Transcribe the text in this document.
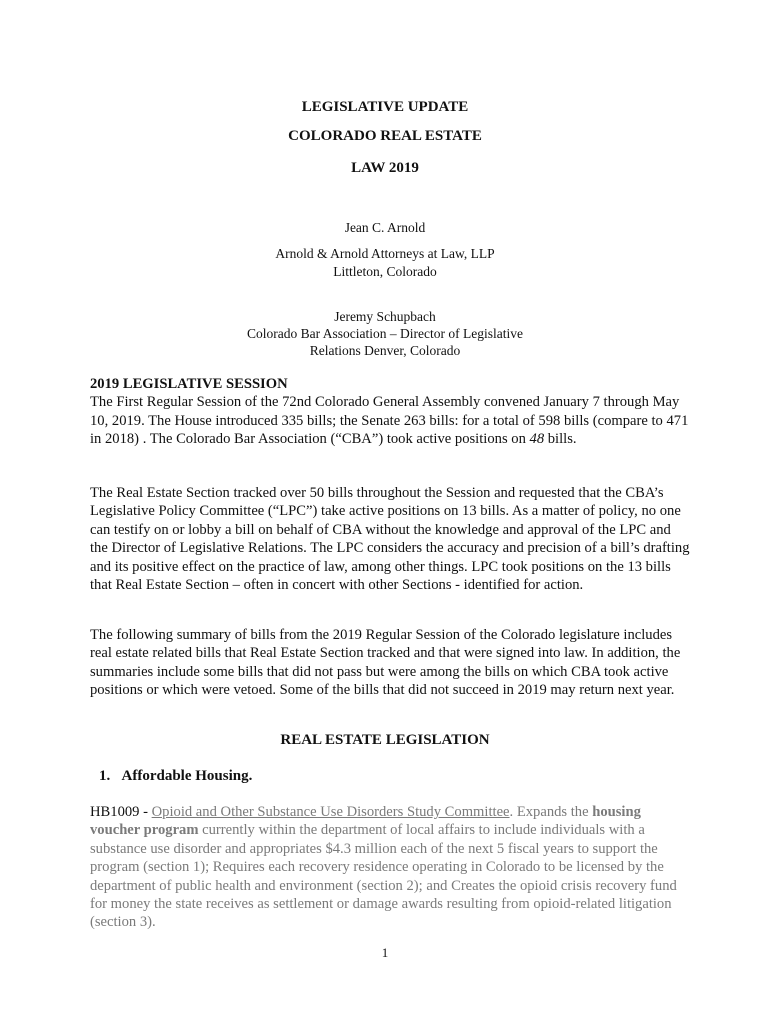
LEGISLATIVE UPDATE
COLORADO REAL ESTATE
LAW 2019
Jean C. Arnold
Arnold & Arnold Attorneys at Law, LLP
Littleton, Colorado
Jeremy Schupbach
Colorado Bar Association – Director of Legislative
Relations Denver, Colorado
2019 LEGISLATIVE SESSION
The First Regular Session of the 72nd Colorado General Assembly convened January 7 through May 10, 2019. The House introduced 335 bills; the Senate 263 bills: for a total of 598 bills (compare to 471 in 2018) . The Colorado Bar Association (“CBA”) took active positions on 48 bills.
The Real Estate Section tracked over 50 bills throughout the Session and requested that the CBA’s Legislative Policy Committee (“LPC”) take active positions on 13 bills. As a matter of policy, no one can testify on or lobby a bill on behalf of CBA without the knowledge and approval of the LPC and the Director of Legislative Relations. The LPC considers the accuracy and precision of a bill’s drafting and its positive effect on the practice of law, among other things. LPC took positions on the 13 bills that Real Estate Section – often in concert with other Sections - identified for action.
The following summary of bills from the 2019 Regular Session of the Colorado legislature includes real estate related bills that Real Estate Section tracked and that were signed into law. In addition, the summaries include some bills that did not pass but were among the bills on which CBA took active positions or which were vetoed. Some of the bills that did not succeed in 2019 may return next year.
REAL ESTATE LEGISLATION
1. Affordable Housing.
HB1009 - Opioid and Other Substance Use Disorders Study Committee. Expands the housing voucher program currently within the department of local affairs to include individuals with a substance use disorder and appropriates $4.3 million each of the next 5 fiscal years to support the program (section 1); Requires each recovery residence operating in Colorado to be licensed by the department of public health and environment (section 2); and Creates the opioid crisis recovery fund for money the state receives as settlement or damage awards resulting from opioid-related litigation (section 3).
1
